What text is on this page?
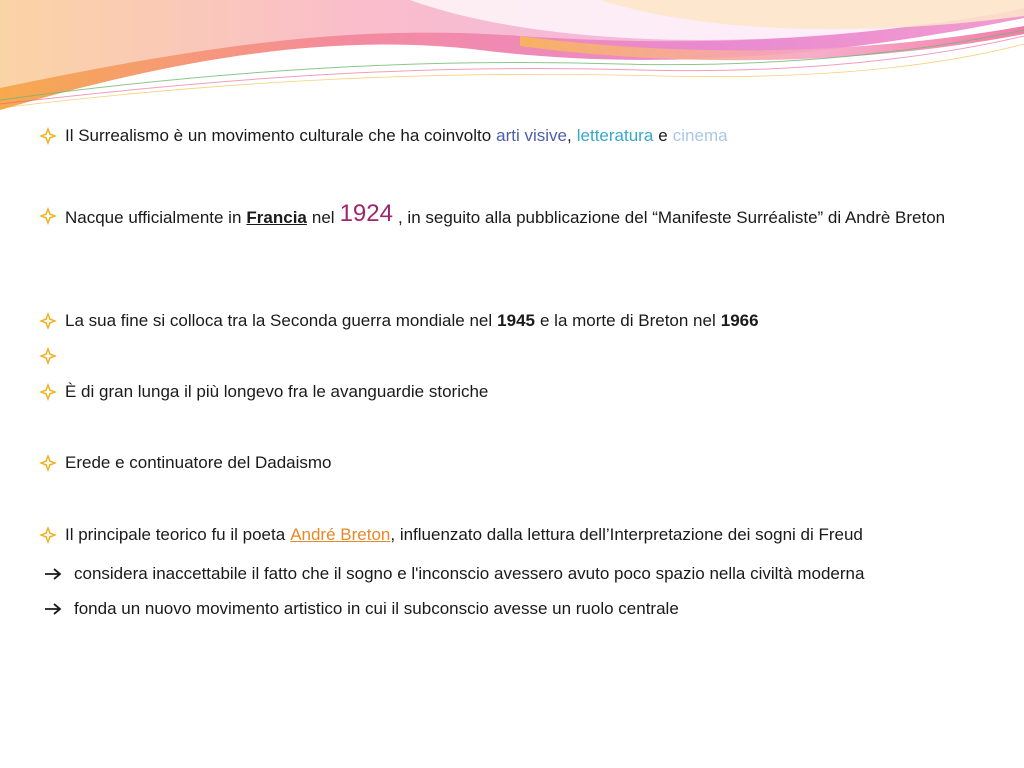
Il Surrealismo è un movimento culturale che ha coinvolto arti visive, letteratura e cinema
Nacque ufficialmente in Francia nel 1924 , in seguito alla pubblicazione del “Manifeste Surréaliste” di Andrè Breton
La sua fine si colloca tra la Seconda guerra mondiale nel 1945 e la morte di Breton nel 1966
È di gran lunga il più longevo fra le avanguardie storiche
Erede e continuatore del Dadaismo
Il principale teorico fu il poeta André Breton, influenzato dalla lettura dell’Interpretazione dei sogni di Freud
considera inaccettabile il fatto che il sogno e l'inconscio avessero avuto poco spazio nella civiltà moderna
fonda un nuovo movimento artistico in cui il subconscio avesse un ruolo centrale
